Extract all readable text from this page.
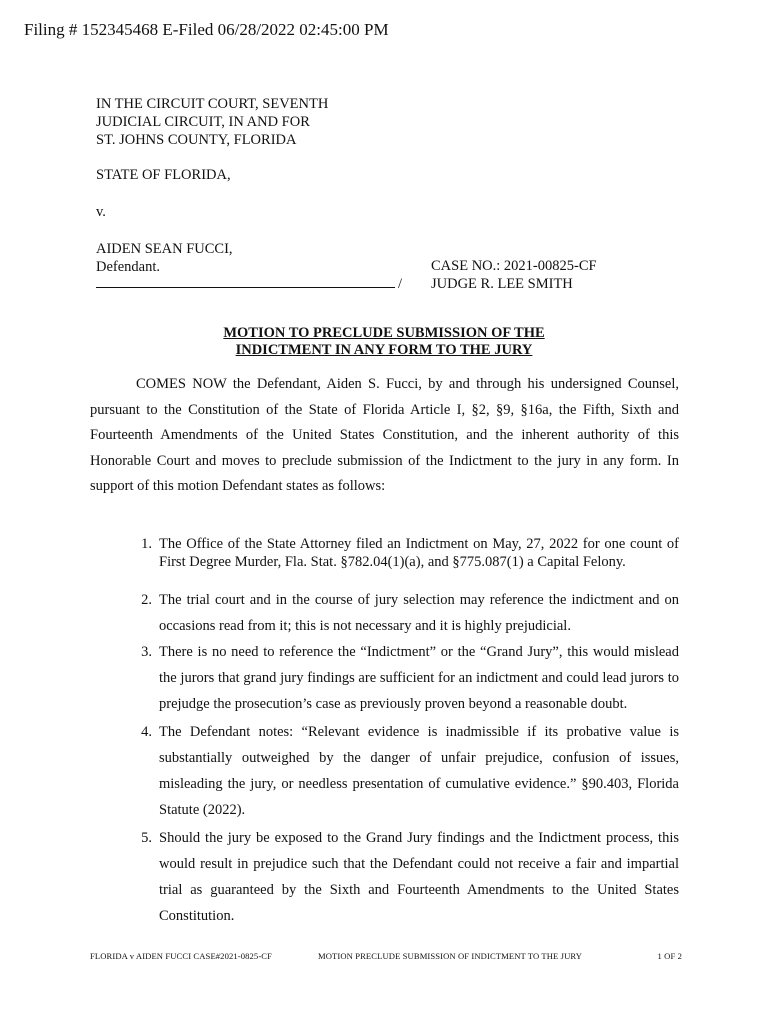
Filing # 152345468 E-Filed 06/28/2022 02:45:00 PM
IN THE CIRCUIT COURT, SEVENTH
JUDICIAL CIRCUIT, IN AND FOR
ST. JOHNS COUNTY, FLORIDA
STATE OF FLORIDA,
v.
AIDEN SEAN FUCCI,
Defendant.
/
CASE NO.: 2021-00825-CF
JUDGE R. LEE SMITH
MOTION TO PRECLUDE SUBMISSION OF THE
INDICTMENT IN ANY FORM TO THE JURY

COMES NOW the Defendant, Aiden S. Fucci, by and through his undersigned Counsel, pursuant to the Constitution of the State of Florida Article I, §2, §9, §16a, the Fifth, Sixth and Fourteenth Amendments of the United States Constitution, and the inherent authority of this Honorable Court and moves to preclude submission of the Indictment to the jury in any form. In support of this motion Defendant states as follows:

1. The Office of the State Attorney filed an Indictment on May, 27, 2022 for one count of First Degree Murder, Fla. Stat. §782.04(1)(a), and §775.087(1) a Capital Felony.

2. The trial court and in the course of jury selection may reference the indictment and on occasions read from it; this is not necessary and it is highly prejudicial.

3. There is no need to reference the “Indictment” or the “Grand Jury”, this would mislead the jurors that grand jury findings are sufficient for an indictment and could lead jurors to prejudge the prosecution’s case as previously proven beyond a reasonable doubt.

4. The Defendant notes: “Relevant evidence is inadmissible if its probative value is substantially outweighed by the danger of unfair prejudice, confusion of issues, misleading the jury, or needless presentation of cumulative evidence.” §90.403, Florida Statute (2022).

5. Should the jury be exposed to the Grand Jury findings and the Indictment process, this would result in prejudice such that the Defendant could not receive a fair and impartial trial as guaranteed by the Sixth and Fourteenth Amendments to the United States Constitution.

FLORIDA v AIDEN FUCCI CASE#2021-0825-CF	MOTION PRECLUDE SUBMISSION OF INDICTMENT TO THE JURY	1 OF 2
